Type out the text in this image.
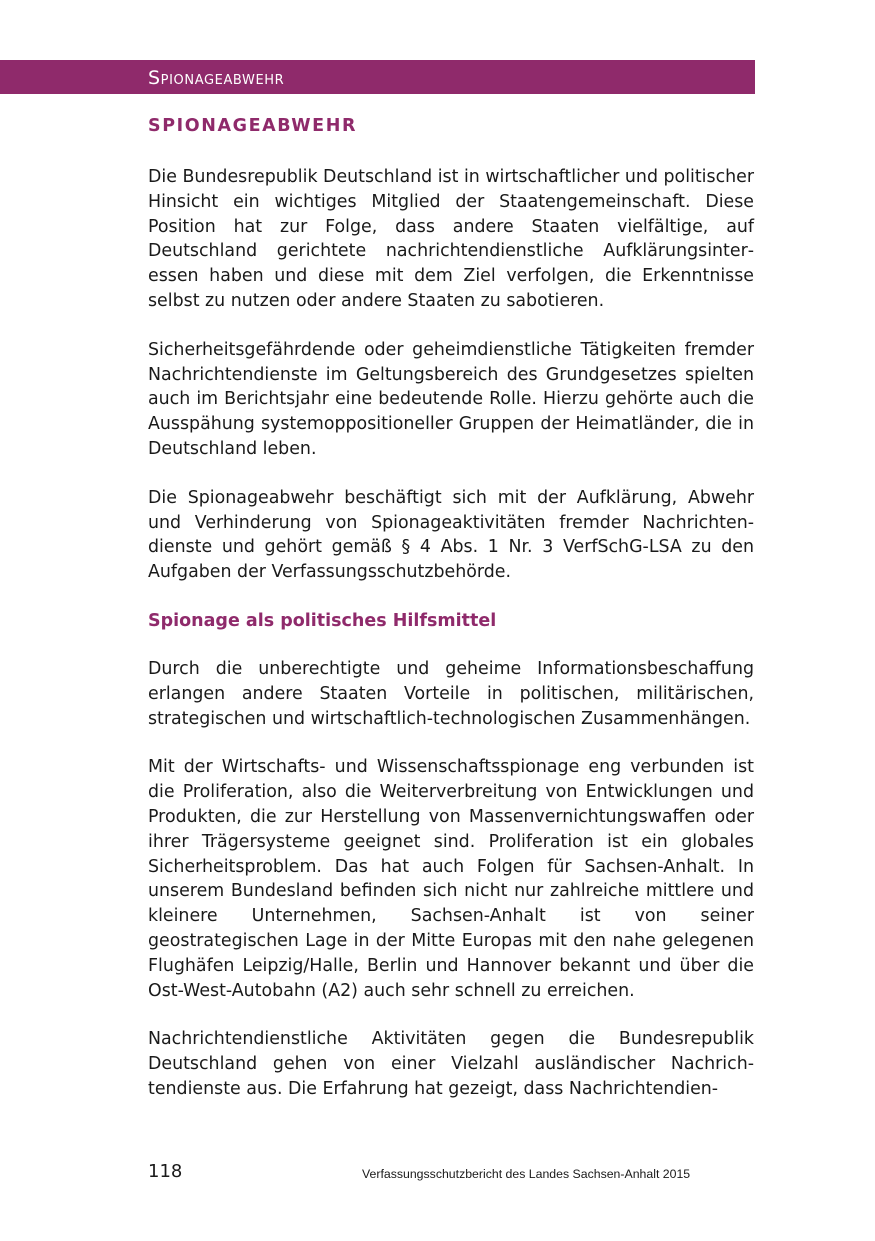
Spionageabwehr
SPIONAGEABWEHR

Die Bundesrepublik Deutschland ist in wirtschaftlicher und politischer Hinsicht ein wichtiges Mitglied der Staatengemeinschaft. Diese Position hat zur Folge, dass andere Staaten vielfältige, auf Deutschland gerichtete nachrichtendienstliche Aufklärungsinteressen haben und diese mit dem Ziel verfolgen, die Erkenntnisse selbst zu nutzen oder andere Staaten zu sabotieren.

Sicherheitsgefährdende oder geheimdienstliche Tätigkeiten fremder Nachrichtendienste im Geltungsbereich des Grundgesetzes spielten auch im Berichtsjahr eine bedeutende Rolle. Hierzu gehörte auch die Ausspähung systemoppositioneller Gruppen der Heimatländer, die in Deutschland leben.

Die Spionageabwehr beschäftigt sich mit der Aufklärung, Abwehr und Verhinderung von Spionageaktivitäten fremder Nachrichtendienste und gehört gemäß § 4 Abs. 1 Nr. 3 VerfSchG-LSA zu den Aufgaben der Verfassungsschutzbehörde.

Spionage als politisches Hilfsmittel

Durch die unberechtigte und geheime Informationsbeschaffung erlangen andere Staaten Vorteile in politischen, militärischen, strategischen und wirtschaftlich-technologischen Zusammenhängen.

Mit der Wirtschafts- und Wissenschaftsspionage eng verbunden ist die Proliferation, also die Weiterverbreitung von Entwicklungen und Produkten, die zur Herstellung von Massenvernichtungswaffen oder ihrer Trägersysteme geeignet sind. Proliferation ist ein globales Sicherheitsproblem. Das hat auch Folgen für Sachsen-Anhalt. In unserem Bundesland befinden sich nicht nur zahlreiche mittlere und kleinere Unternehmen, Sachsen-Anhalt ist von seiner geostrategischen Lage in der Mitte Europas mit den nahe gelegenen Flughäfen Leipzig/Halle, Berlin und Hannover bekannt und über die Ost-West-Autobahn (A2) auch sehr schnell zu erreichen.

Nachrichtendienstliche Aktivitäten gegen die Bundesrepublik Deutschland gehen von einer Vielzahl ausländischer Nachrichtendienste aus. Die Erfahrung hat gezeigt, dass Nachrichtendien-

118	Verfassungsschutzbericht des Landes Sachsen-Anhalt 2015
